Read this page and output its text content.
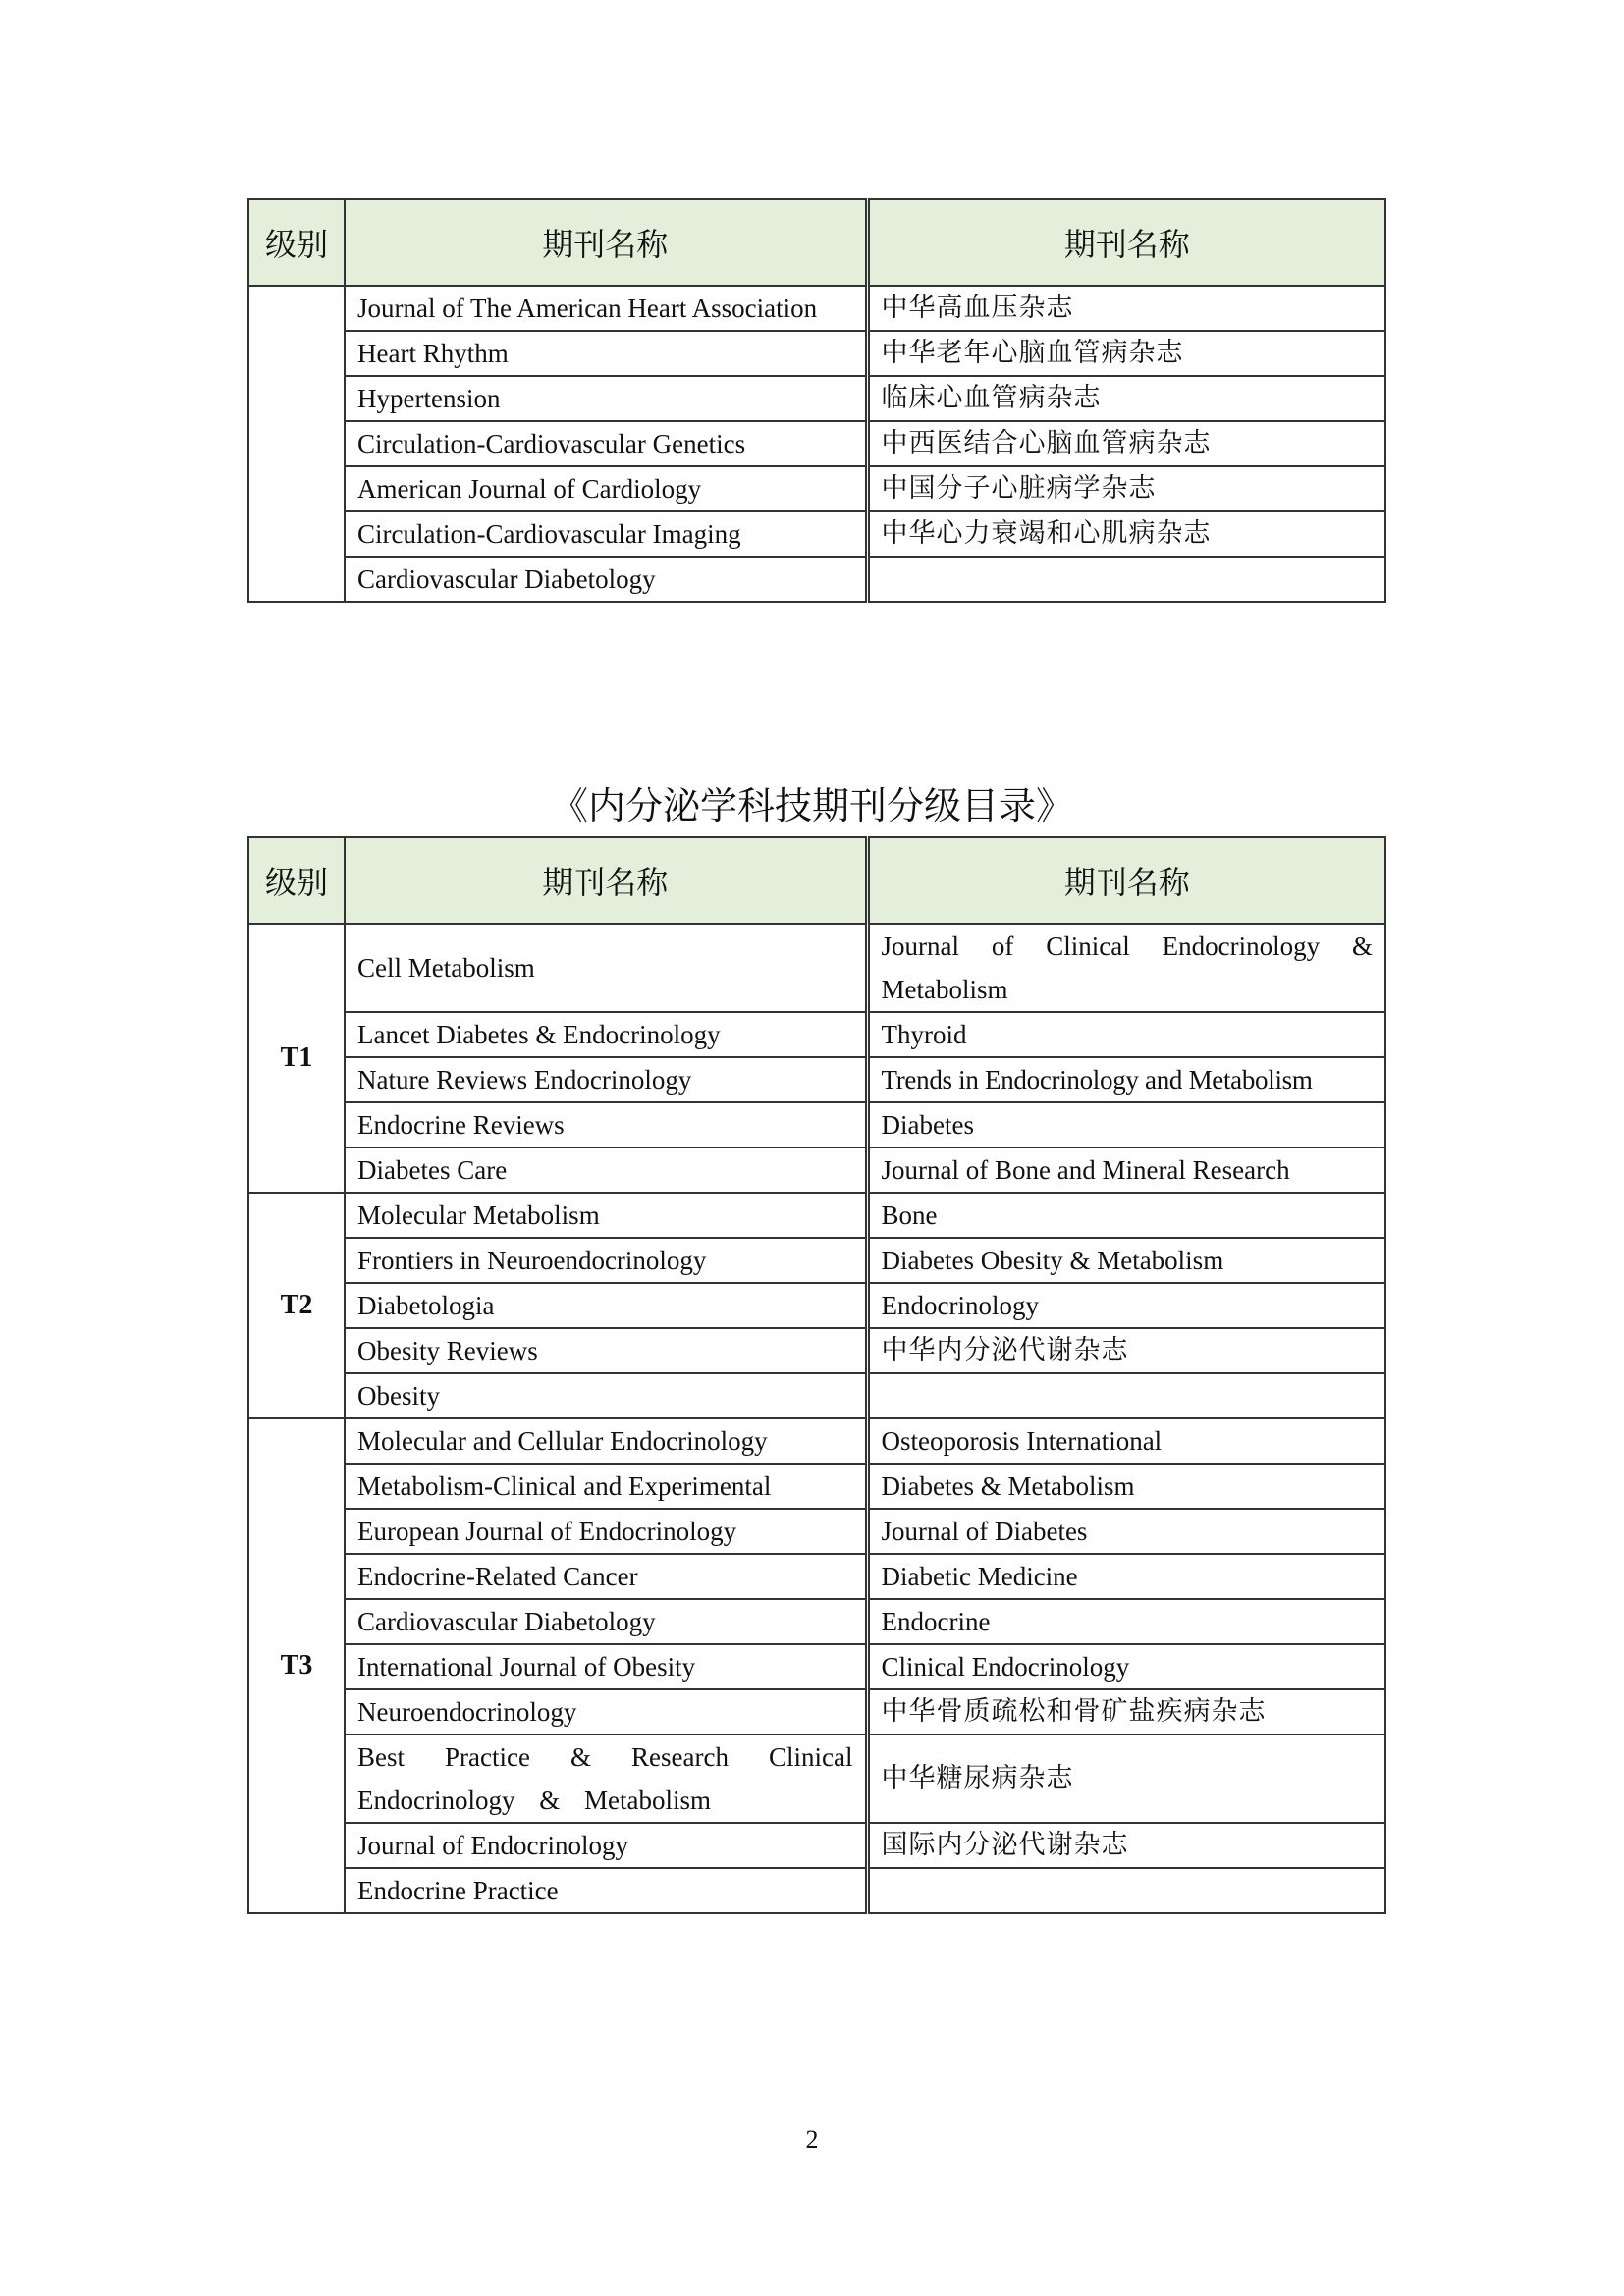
级别	期刊名称	期刊名称
	Journal of The American Heart Association	中华高血压杂志
	Heart Rhythm	中华老年心脑血管病杂志
	Hypertension	临床心血管病杂志
	Circulation-Cardiovascular Genetics	中西医结合心脑血管病杂志
	American Journal of Cardiology	中国分子心脏病学杂志
	Circulation-Cardiovascular Imaging	中华心力衰竭和心肌病杂志
	Cardiovascular Diabetology	
《内分泌学科技期刊分级目录》
级别	期刊名称	期刊名称
T1	Cell Metabolism	Journal of Clinical Endocrinology & Metabolism
	Lancet Diabetes & Endocrinology	Thyroid
	Nature Reviews Endocrinology	Trends in Endocrinology and Metabolism
	Endocrine Reviews	Diabetes
	Diabetes Care	Journal of Bone and Mineral Research
T2	Molecular Metabolism	Bone
	Frontiers in Neuroendocrinology	Diabetes Obesity & Metabolism
	Diabetologia	Endocrinology
	Obesity Reviews	中华内分泌代谢杂志
	Obesity	
T3	Molecular and Cellular Endocrinology	Osteoporosis International
	Metabolism-Clinical and Experimental	Diabetes & Metabolism
	European Journal of Endocrinology	Journal of Diabetes
	Endocrine-Related Cancer	Diabetic Medicine
	Cardiovascular Diabetology	Endocrine
	International Journal of Obesity	Clinical Endocrinology
	Neuroendocrinology	中华骨质疏松和骨矿盐疾病杂志
	Best Practice & Research Clinical Endocrinology & Metabolism	中华糖尿病杂志
	Journal of Endocrinology	国际内分泌代谢杂志
	Endocrine Practice	
2
